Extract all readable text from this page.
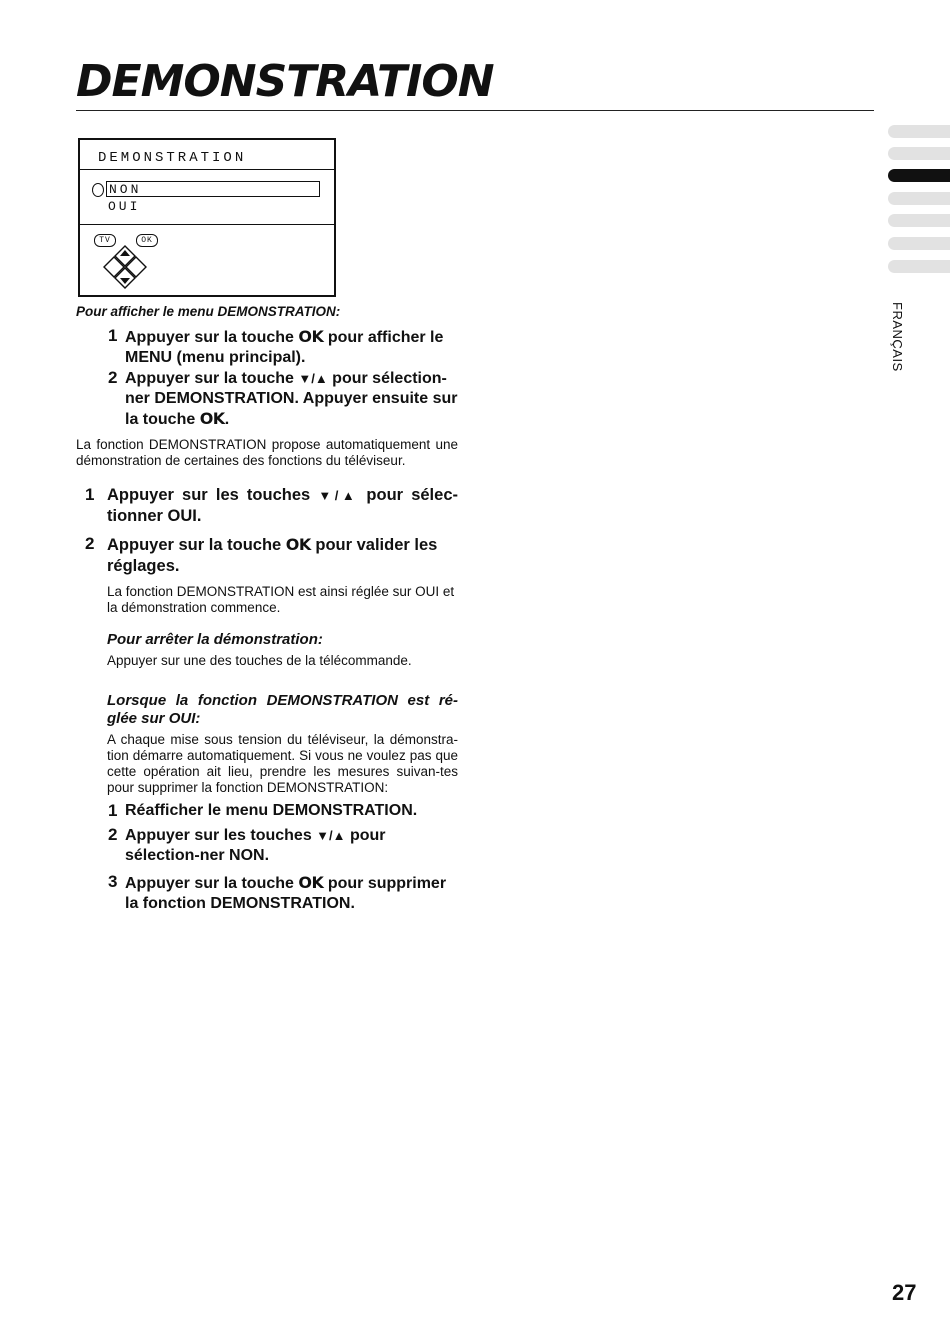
DEMONSTRATION
DEMONSTRATION
NON
OUI
TV	OK
Pour afficher le menu DEMONSTRATION:
1 Appuyer sur la touche OK pour afficher le MENU (menu principal).
2 Appuyer sur la touche ▼/▲ pour sélection-ner DEMONSTRATION. Appuyer ensuite sur la touche OK.
La fonction DEMONSTRATION propose automatiquement une démonstration de certaines des fonctions du téléviseur.
1 Appuyer sur les touches ▼/▲ pour sélec-tionner OUI.
2 Appuyer sur la touche OK pour valider les réglages.
La fonction DEMONSTRATION est ainsi réglée sur OUI et la démonstration commence.
Pour arrêter la démonstration:
Appuyer sur une des touches de la télécommande.
Lorsque la fonction DEMONSTRATION est ré-glée sur OUI:
A chaque mise sous tension du téléviseur, la démonstra-tion démarre automatiquement. Si vous ne voulez pas que cette opération ait lieu, prendre les mesures suivan-tes pour supprimer la fonction DEMONSTRATION:
1 Réafficher le menu DEMONSTRATION.
2 Appuyer sur les touches ▼/▲ pour sélection-ner NON.
3 Appuyer sur la touche OK pour supprimer la fonction DEMONSTRATION.
FRANÇAIS
27
